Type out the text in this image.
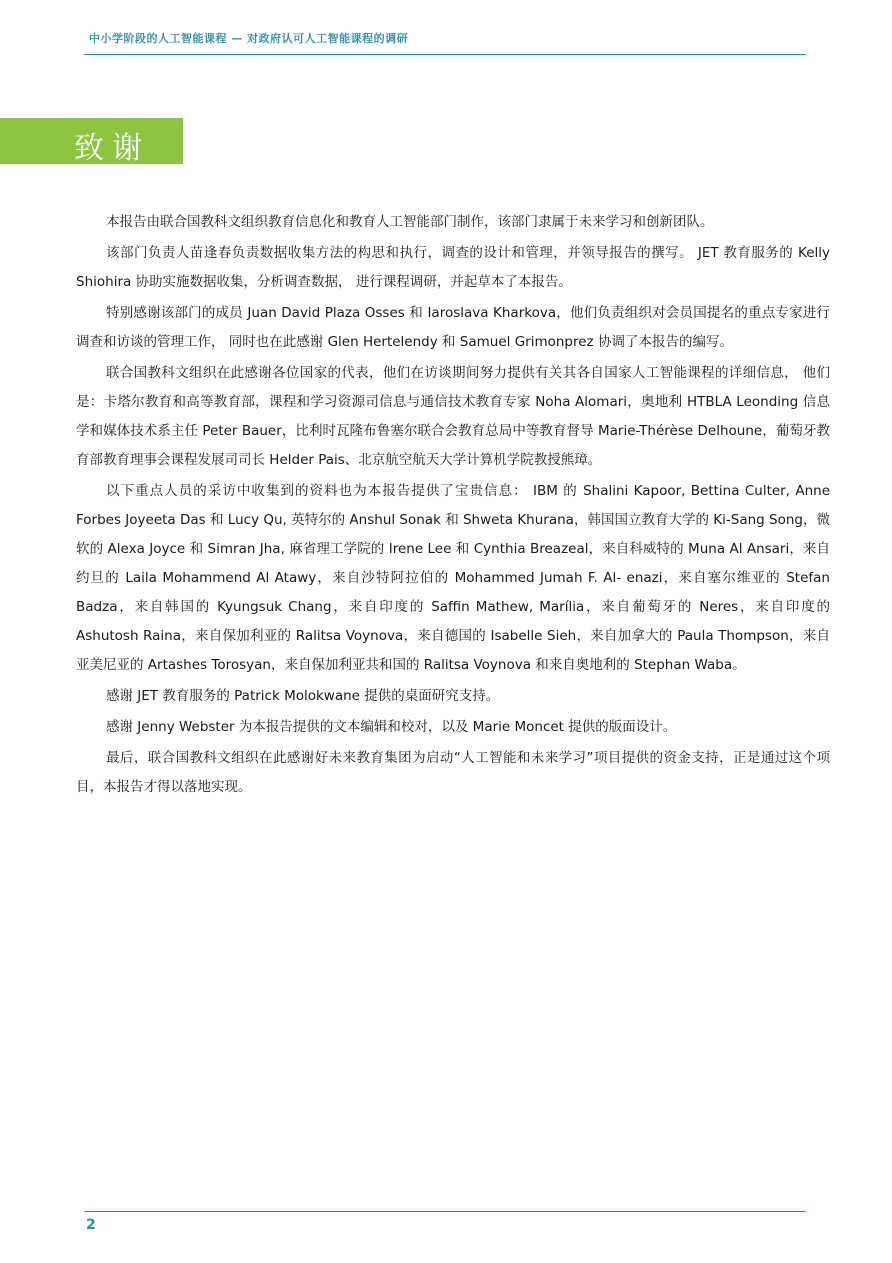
中小学阶段的人工智能课程 — 对政府认可人工智能课程的调研
致谢

本报告由联合国教科文组织教育信息化和教育人工智能部门制作，该部门隶属于未来学习和创新团队。

该部门负责人苗逢春负责数据收集方法的构思和执行，调查的设计和管理，并领导报告的撰写。 JET 教育服务的 Kelly Shiohira 协助实施数据收集，分析调查数据， 进行课程调研，并起草本了本报告。

特别感谢该部门的成员 Juan David Plaza Osses 和 Iaroslava Kharkova，他们负责组织对会员国提名的重点专家进行调查和访谈的管理工作， 同时也在此感谢 Glen Hertelendy 和 Samuel Grimonprez 协调了本报告的编写。

联合国教科文组织在此感谢各位国家的代表，他们在访谈期间努力提供有关其各自国家人工智能课程的详细信息， 他们是：卡塔尔教育和高等教育部，课程和学习资源司信息与通信技术教育专家 Noha Alomari，奥地利 HTBLA Leonding 信息学和媒体技术系主任 Peter Bauer，比利时瓦隆布鲁塞尔联合会教育总局中等教育督导 Marie-Thérèse Delhoune，葡萄牙教育部教育理事会课程发展司司长 Helder Pais、北京航空航天大学计算机学院教授熊璋。

以下重点人员的采访中收集到的资料也为本报告提供了宝贵信息： IBM 的 Shalini Kapoor, Bettina Culter, Anne Forbes Joyeeta Das 和 Lucy Qu, 英特尔的 Anshul Sonak 和 Shweta Khurana，韩国国立教育大学的 Ki-Sang Song，微软的 Alexa Joyce 和 Simran Jha, 麻省理工学院的 Irene Lee 和 Cynthia Breazeal，来自科威特的 Muna Al Ansari，来自约旦的 Laila Mohammend Al Atawy，来自沙特阿拉伯的 Mohammed Jumah F. Al- enazi，来自塞尔维亚的 Stefan Badza，来自韩国的 Kyungsuk Chang，来自印度的 Saffin Mathew, Marília，来自葡萄牙的 Neres，来自印度的 Ashutosh Raina，来自保加利亚的 Ralitsa Voynova，来自德国的 Isabelle Sieh，来自加拿大的 Paula Thompson，来自亚美尼亚的 Artashes Torosyan，来自保加利亚共和国的 Ralitsa Voynova 和来自奥地利的 Stephan Waba。

感谢 JET 教育服务的 Patrick Molokwane 提供的桌面研究支持。

感谢 Jenny Webster 为本报告提供的文本编辑和校对，以及 Marie Moncet 提供的版面设计。

最后，联合国教科文组织在此感谢好未来教育集团为启动“人工智能和未来学习”项目提供的资金支持，正是通过这个项目，本报告才得以落地实现。

2
